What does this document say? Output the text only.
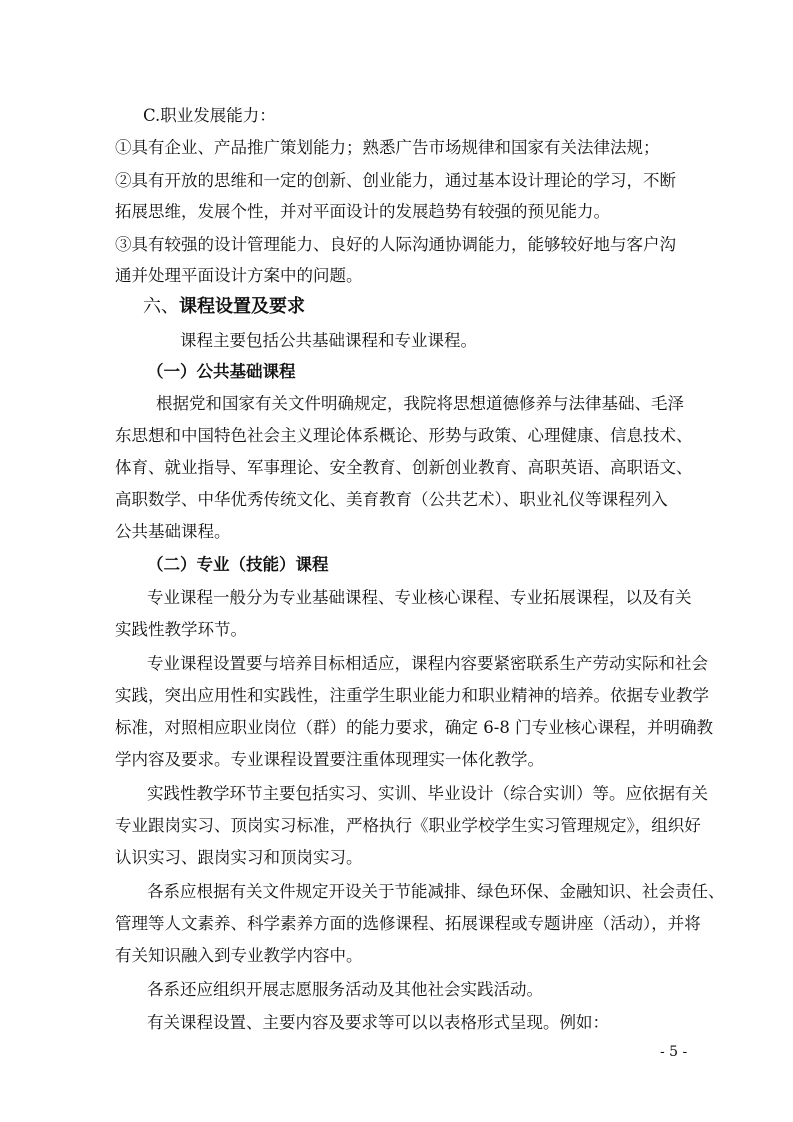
C.职业发展能力：
①具有企业、产品推广策划能力；熟悉广告市场规律和国家有关法律法规；
②具有开放的思维和一定的创新、创业能力，通过基本设计理论的学习，不断
拓展思维，发展个性，并对平面设计的发展趋势有较强的预见能力。
③具有较强的设计管理能力、良好的人际沟通协调能力，能够较好地与客户沟
通并处理平面设计方案中的问题。
六、课程设置及要求
课程主要包括公共基础课程和专业课程。
（一）公共基础课程
根据党和国家有关文件明确规定，我院将思想道德修养与法律基础、毛泽
东思想和中国特色社会主义理论体系概论、形势与政策、心理健康、信息技术、
体育、就业指导、军事理论、安全教育、创新创业教育、高职英语、高职语文、
高职数学、中华优秀传统文化、美育教育（公共艺术）、职业礼仪等课程列入
公共基础课程。
（二）专业（技能）课程
专业课程一般分为专业基础课程、专业核心课程、专业拓展课程，以及有关
实践性教学环节。
专业课程设置要与培养目标相适应，课程内容要紧密联系生产劳动实际和社会
实践，突出应用性和实践性，注重学生职业能力和职业精神的培养。依据专业教学
标准，对照相应职业岗位（群）的能力要求，确定 6-8 门专业核心课程，并明确教
学内容及要求。专业课程设置要注重体现理实一体化教学。
实践性教学环节主要包括实习、实训、毕业设计（综合实训）等。应依据有关
专业跟岗实习、顶岗实习标准，严格执行《职业学校学生实习管理规定》，组织好
认识实习、跟岗实习和顶岗实习。
各系应根据有关文件规定开设关于节能减排、绿色环保、金融知识、社会责任、
管理等人文素养、科学素养方面的选修课程、拓展课程或专题讲座（活动），并将
有关知识融入到专业教学内容中。
各系还应组织开展志愿服务活动及其他社会实践活动。
有关课程设置、主要内容及要求等可以以表格形式呈现。例如：
- 5 -
